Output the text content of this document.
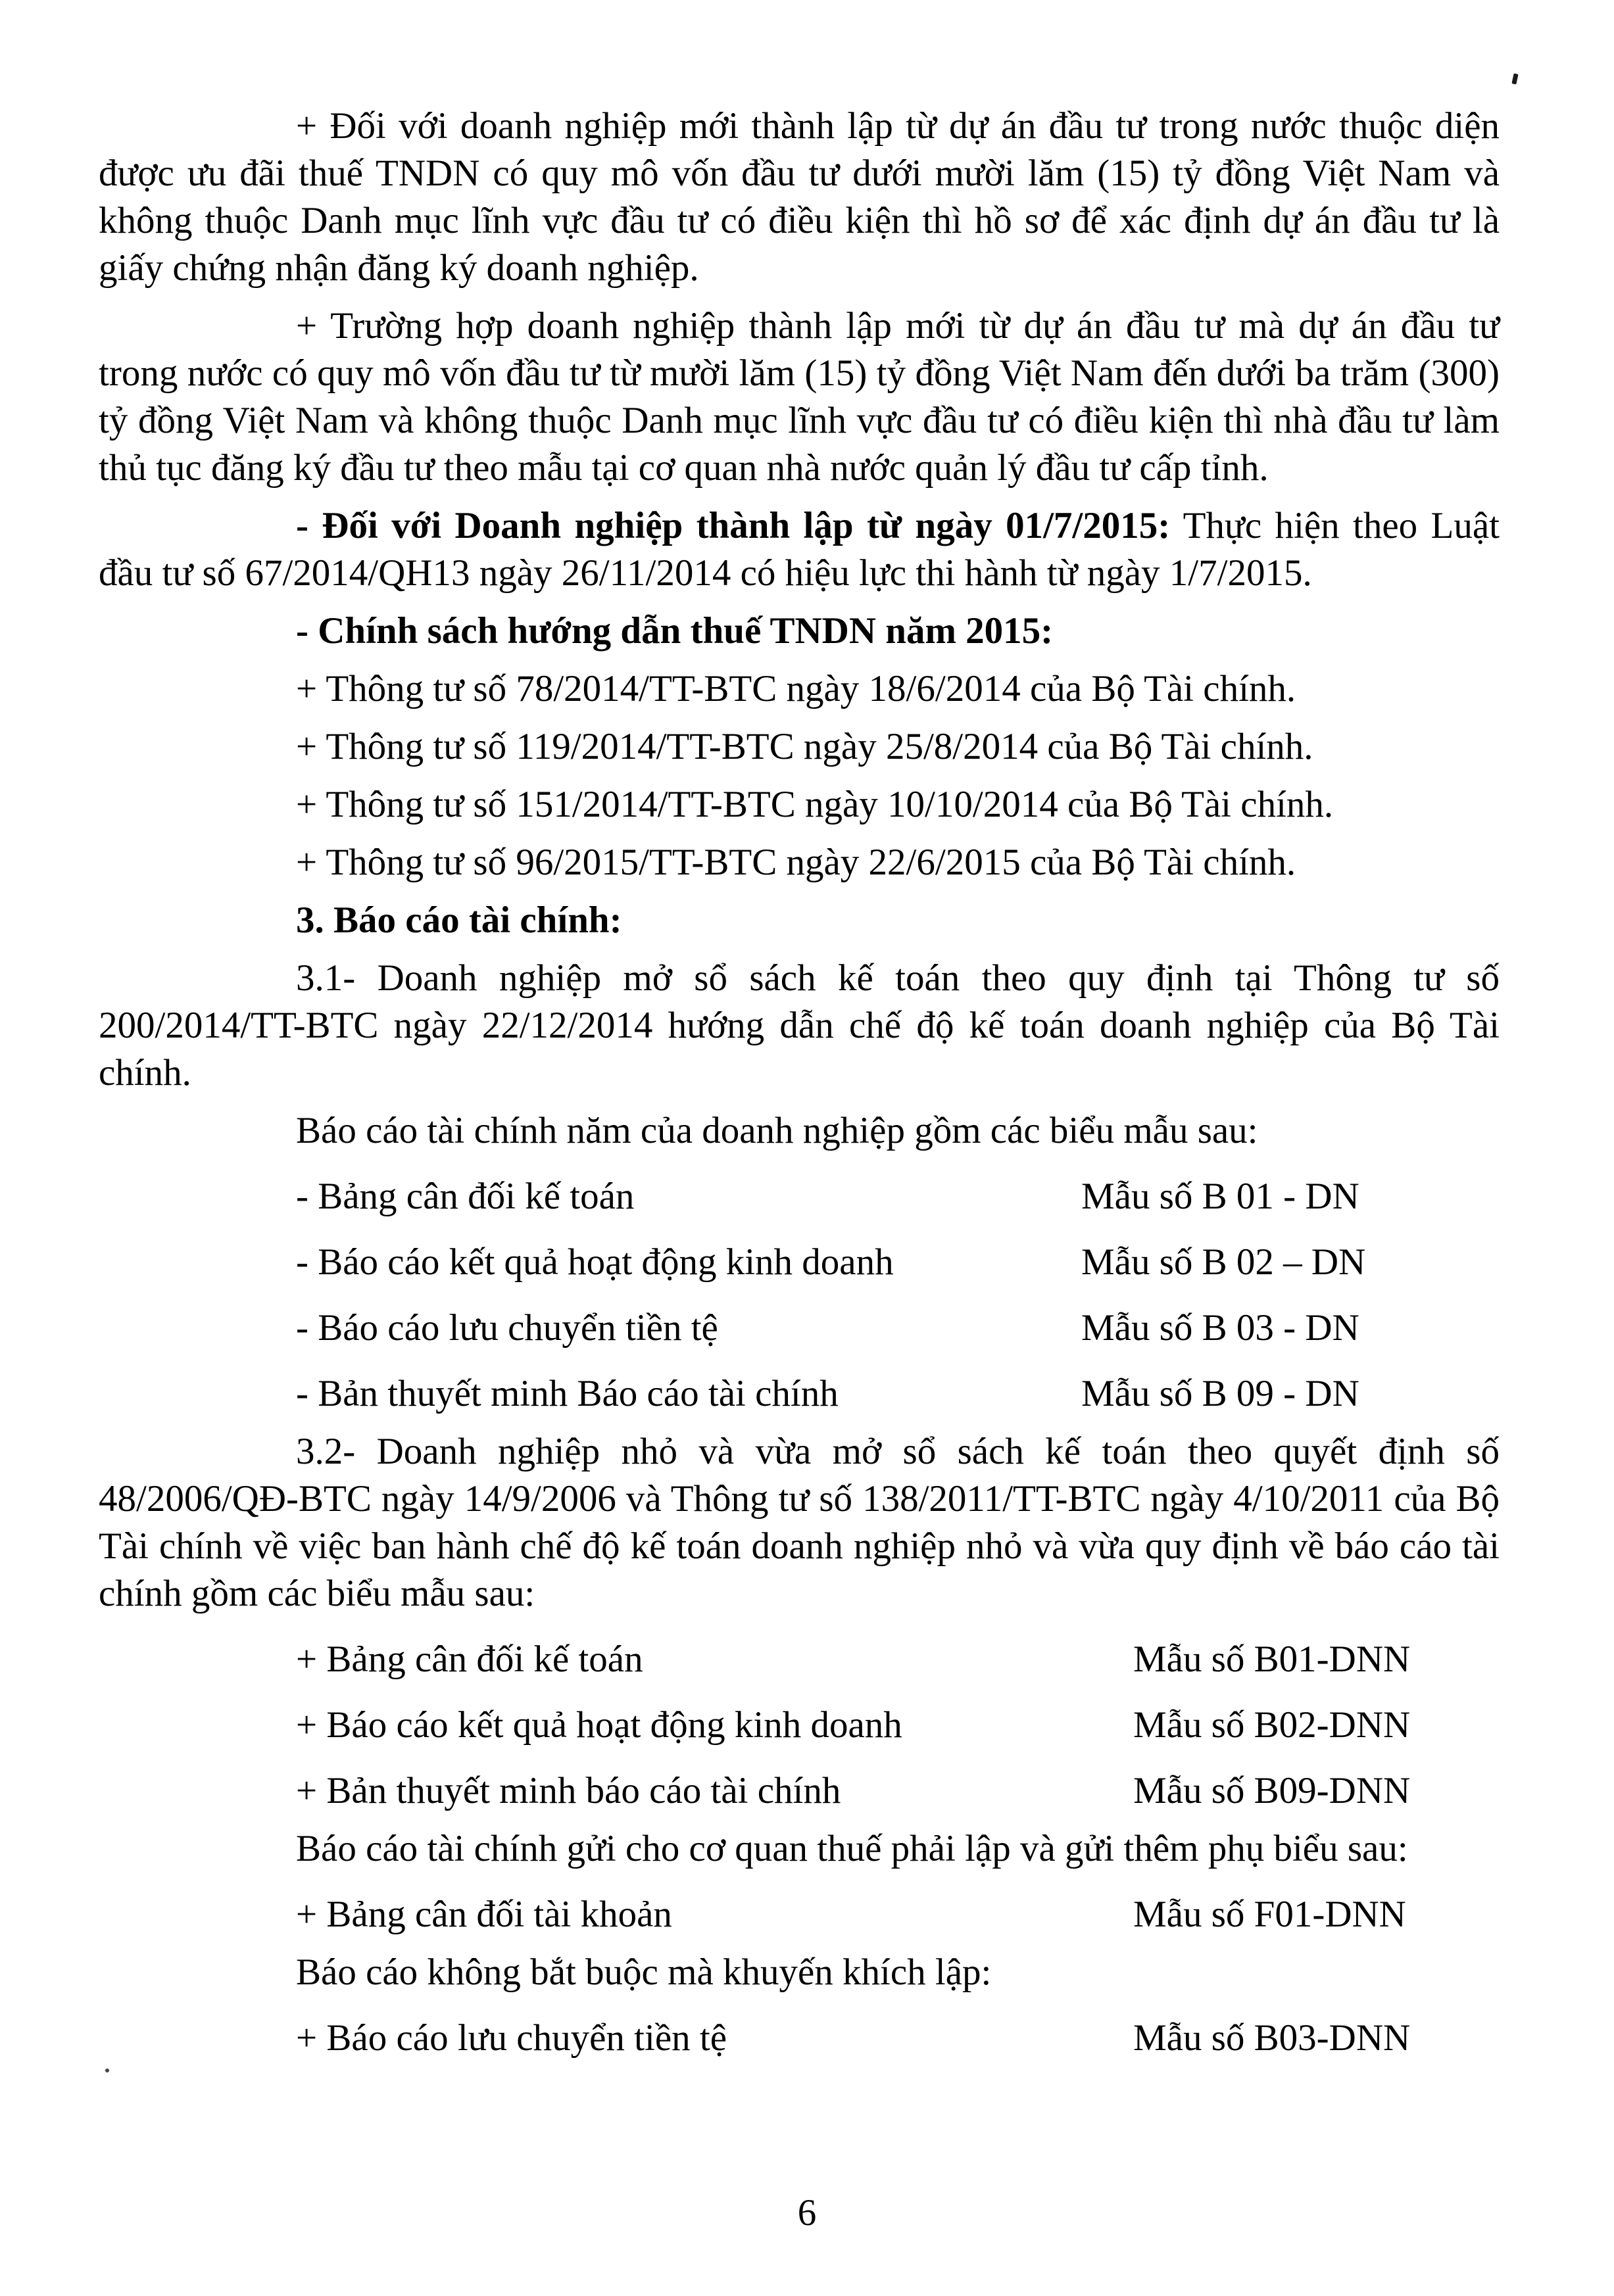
+ Đối với doanh nghiệp mới thành lập từ dự án đầu tư trong nước thuộc diện được ưu đãi thuế TNDN có quy mô vốn đầu tư dưới mười lăm (15) tỷ đồng Việt Nam và không thuộc Danh mục lĩnh vực đầu tư có điều kiện thì hồ sơ để xác định dự án đầu tư là giấy chứng nhận đăng ký doanh nghiệp.

+ Trường hợp doanh nghiệp thành lập mới từ dự án đầu tư mà dự án đầu tư trong nước có quy mô vốn đầu tư từ mười lăm (15) tỷ đồng Việt Nam đến dưới ba trăm (300) tỷ đồng Việt Nam và không thuộc Danh mục lĩnh vực đầu tư có điều kiện thì nhà đầu tư làm thủ tục đăng ký đầu tư theo mẫu tại cơ quan nhà nước quản lý đầu tư cấp tỉnh.

- Đối với Doanh nghiệp thành lập từ ngày 01/7/2015: Thực hiện theo Luật đầu tư số 67/2014/QH13 ngày 26/11/2014 có hiệu lực thi hành từ ngày 1/7/2015.

- Chính sách hướng dẫn thuế TNDN năm 2015:

+ Thông tư số 78/2014/TT-BTC ngày 18/6/2014 của Bộ Tài chính.

+ Thông tư số 119/2014/TT-BTC ngày 25/8/2014 của Bộ Tài chính.

+ Thông tư số 151/2014/TT-BTC ngày 10/10/2014 của Bộ Tài chính.

+ Thông tư số 96/2015/TT-BTC ngày 22/6/2015 của Bộ Tài chính.

3. Báo cáo tài chính:

3.1- Doanh nghiệp mở sổ sách kế toán theo quy định tại Thông tư số 200/2014/TT-BTC ngày 22/12/2014 hướng dẫn chế độ kế toán doanh nghiệp của Bộ Tài chính.

Báo cáo tài chính năm của doanh nghiệp gồm các biểu mẫu sau:

- Bảng cân đối kế toán	Mẫu số B 01 - DN
- Báo cáo kết quả hoạt động kinh doanh	Mẫu số B 02 – DN
- Báo cáo lưu chuyển tiền tệ	Mẫu số B 03 - DN
- Bản thuyết minh Báo cáo tài chính	Mẫu số B 09 - DN

3.2- Doanh nghiệp nhỏ và vừa mở sổ sách kế toán theo quyết định số 48/2006/QĐ-BTC ngày 14/9/2006 và Thông tư số 138/2011/TT-BTC ngày 4/10/2011 của Bộ Tài chính về việc ban hành chế độ kế toán doanh nghiệp nhỏ và vừa quy định về báo cáo tài chính gồm các biểu mẫu sau:

+ Bảng cân đối kế toán	Mẫu số B01-DNN
+ Báo cáo kết quả hoạt động kinh doanh	Mẫu số B02-DNN
+ Bản thuyết minh báo cáo tài chính	Mẫu số B09-DNN

Báo cáo tài chính gửi cho cơ quan thuế phải lập và gửi thêm phụ biểu sau:

+ Bảng cân đối tài khoản	Mẫu số F01-DNN

Báo cáo không bắt buộc mà khuyến khích lập:

+ Báo cáo lưu chuyển tiền tệ	Mẫu số B03-DNN
6
